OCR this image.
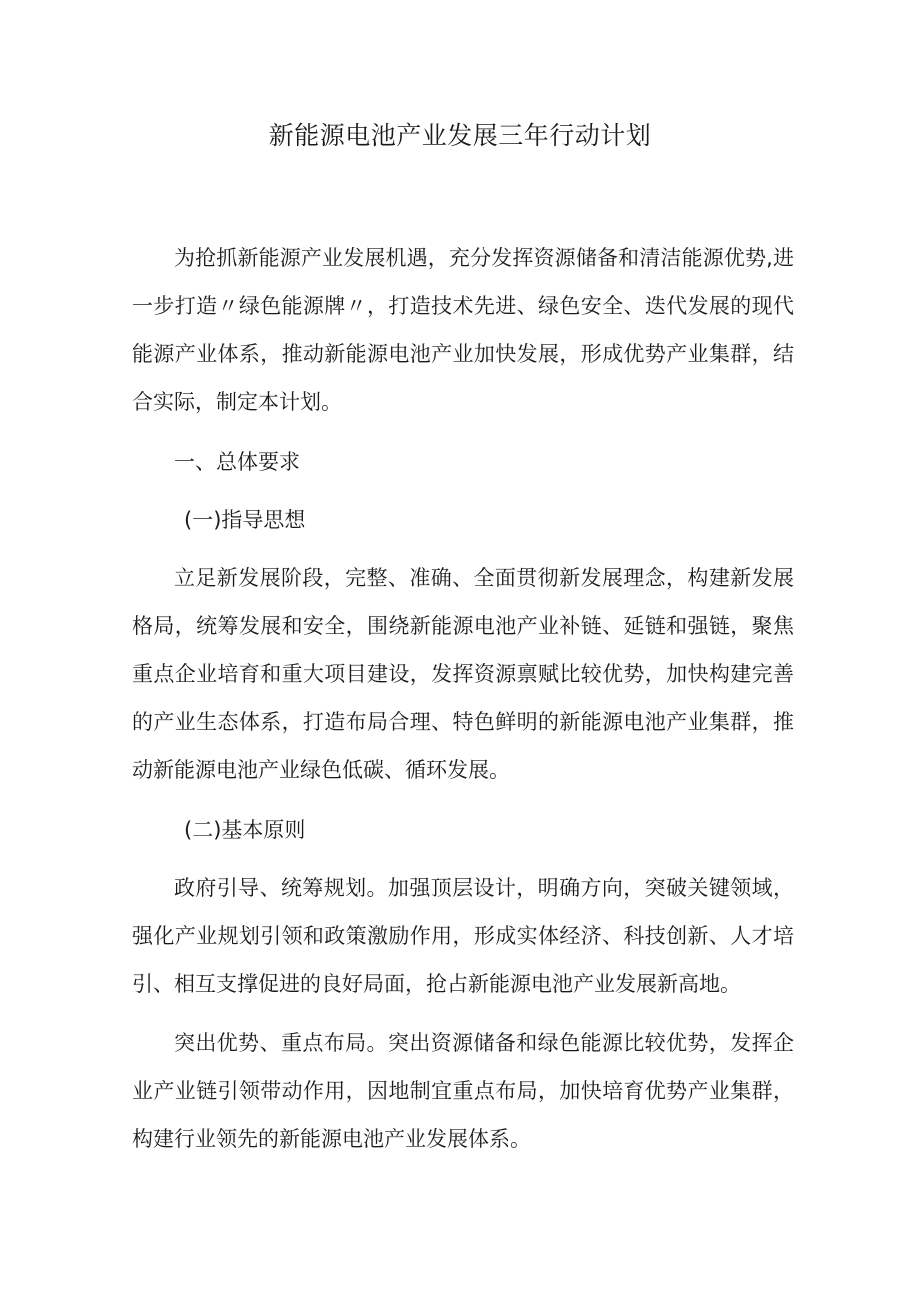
新能源电池产业发展三年行动计划

为抢抓新能源产业发展机遇，充分发挥资源储备和清洁能源优势,进一步打造〃绿色能源牌〃，打造技术先进、绿色安全、迭代发展的现代能源产业体系，推动新能源电池产业加快发展，形成优势产业集群，结合实际，制定本计划。

一、总体要求
(一)指导思想

立足新发展阶段，完整、准确、全面贯彻新发展理念，构建新发展格局，统筹发展和安全，围绕新能源电池产业补链、延链和强链，聚焦重点企业培育和重大项目建设，发挥资源禀赋比较优势，加快构建完善的产业生态体系，打造布局合理、特色鲜明的新能源电池产业集群，推动新能源电池产业绿色低碳、循环发展。

(二)基本原则

政府引导、统筹规划。加强顶层设计，明确方向，突破关键领域，强化产业规划引领和政策激励作用，形成实体经济、科技创新、人才培引、相互支撑促进的良好局面，抢占新能源电池产业发展新高地。

突出优势、重点布局。突出资源储备和绿色能源比较优势，发挥企业产业链引领带动作用，因地制宜重点布局，加快培育优势产业集群，构建行业领先的新能源电池产业发展体系。
